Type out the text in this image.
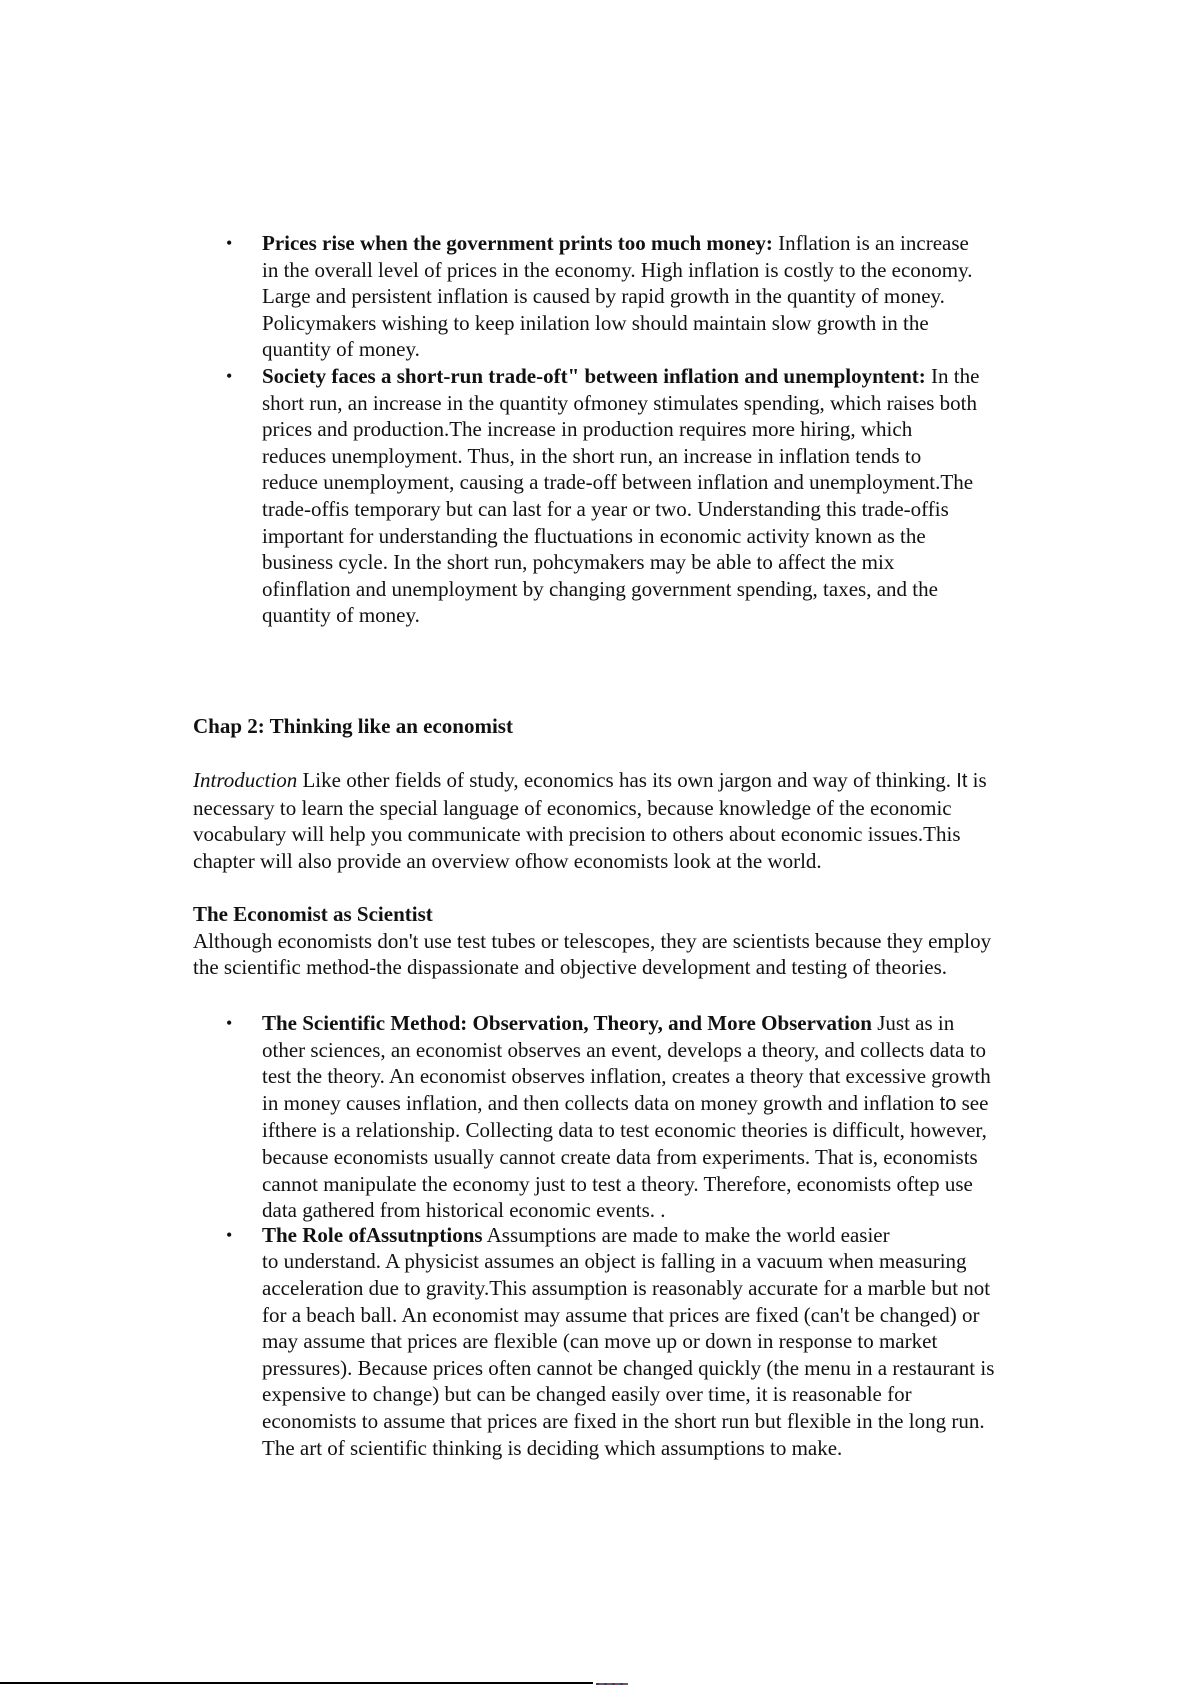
• Prices rise when the government prints too much money: Inflation is an increase
in the overall level of prices in the economy. High inflation is costly to the economy.
Large and persistent inflation is caused by rapid growth in the quantity of money.
Policymakers wishing to keep inilation low should maintain slow growth in the
quantity of money.
• Society faces a short-run trade-oft" between inflation and unemployntent: In the
short run, an increase in the quantity ofmoney stimulates spending, which raises both
prices and production.The increase in production requires more hiring, which
reduces unemployment. Thus, in the short run, an increase in inflation tends to
reduce unemployment, causing a trade-off between inflation and unemployment.The
trade-offis temporary but can last for a year or two. Understanding this trade-offis
important for understanding the fluctuations in economic activity known as the
business cycle. In the short run, pohcymakers may be able to affect the mix
ofinflation and unemployment by changing government spending, taxes, and the
quantity of money.

Chap 2: Thinking like an economist

Introduction Like other fields of study, economics has its own jargon and way of thinking. It is
necessary to learn the special language of economics, because knowledge of the economic
vocabulary will help you communicate with precision to others about economic issues.This
chapter will also provide an overview ofhow economists look at the world.

The Economist as Scientist
Although economists don't use test tubes or telescopes, they are scientists because they employ
the scientific method-the dispassionate and objective development and testing of theories.

• The Scientific Method: Observation, Theory, and More Observation Just as in
other sciences, an economist observes an event, develops a theory, and collects data to
test the theory. An economist observes inflation, creates a theory that excessive growth
in money causes inflation, and then collects data on money growth and inflation to see
ifthere is a relationship. Collecting data to test economic theories is difficult, however,
because economists usually cannot create data from experiments. That is, economists
cannot manipulate the economy just to test a theory. Therefore, economists oftep use
data gathered from historical economic events. .
• The Role ofAssutnptions Assumptions are made to make the world easier
to understand. A physicist assumes an object is falling in a vacuum when measuring
acceleration due to gravity.This assumption is reasonably accurate for a marble but not
for a beach ball. An economist may assume that prices are fixed (can't be changed) or
may assume that prices are flexible (can move up or down in response to market
pressures). Because prices often cannot be changed quickly (the menu in a restaurant is
expensive to change) but can be changed easily over time, it is reasonable for
economists to assume that prices are fixed in the short run but flexible in the long run.
The art of scientific thinking is deciding which assumptions to make.
